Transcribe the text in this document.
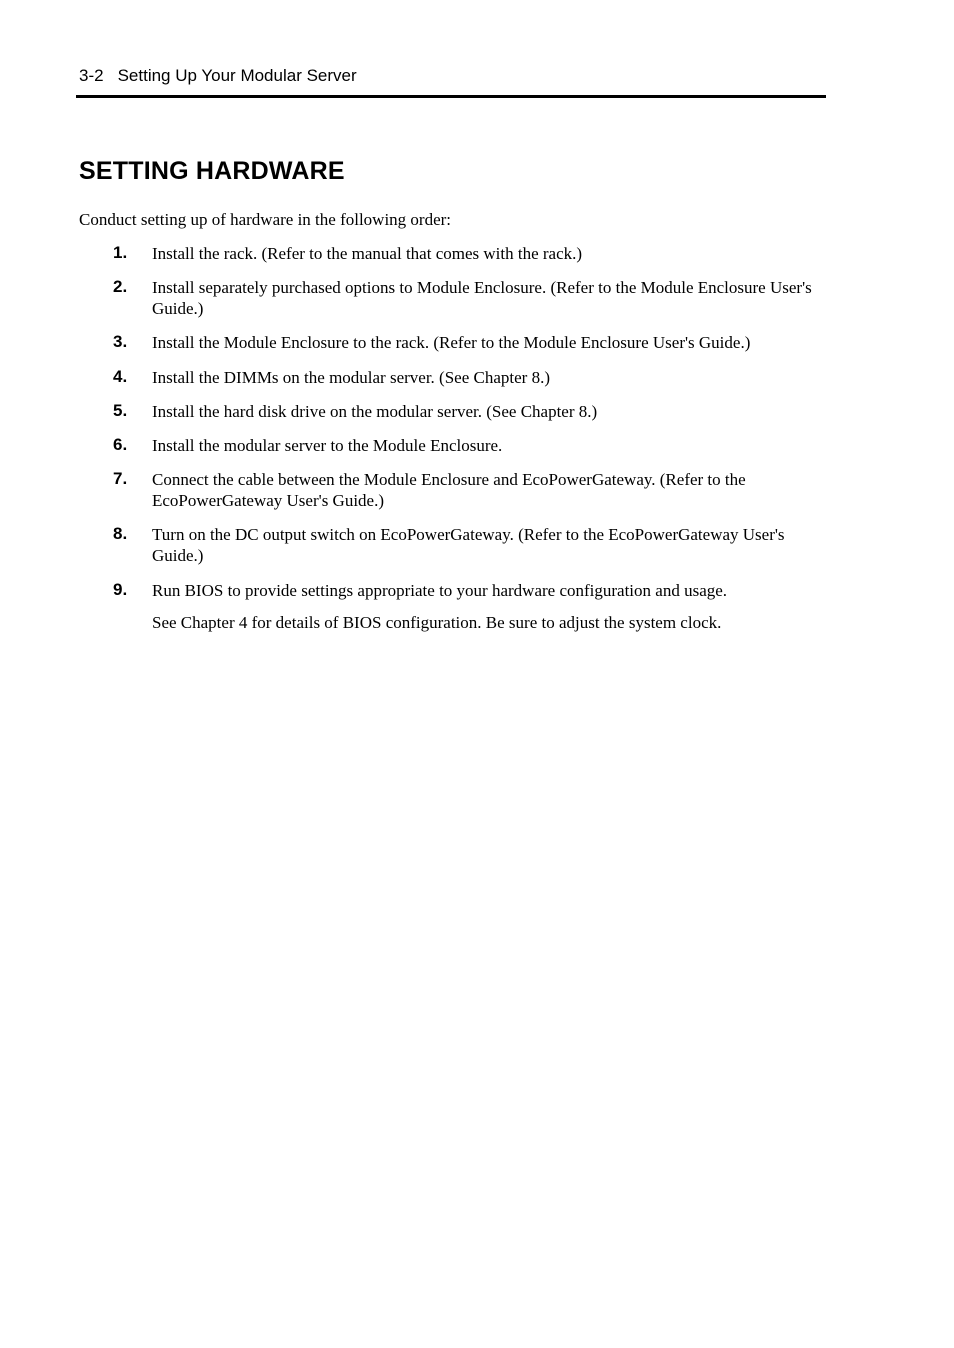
3-2 Setting Up Your Modular Server
SETTING HARDWARE
Conduct setting up of hardware in the following order:
1. Install the rack. (Refer to the manual that comes with the rack.)
2. Install separately purchased options to Module Enclosure. (Refer to the Module Enclosure User's Guide.)
3. Install the Module Enclosure to the rack. (Refer to the Module Enclosure User's Guide.)
4. Install the DIMMs on the modular server. (See Chapter 8.)
5. Install the hard disk drive on the modular server. (See Chapter 8.)
6. Install the modular server to the Module Enclosure.
7. Connect the cable between the Module Enclosure and EcoPowerGateway. (Refer to the EcoPowerGateway User's Guide.)
8. Turn on the DC output switch on EcoPowerGateway. (Refer to the EcoPowerGateway User's Guide.)
9. Run BIOS to provide settings appropriate to your hardware configuration and usage.
See Chapter 4 for details of BIOS configuration. Be sure to adjust the system clock.
